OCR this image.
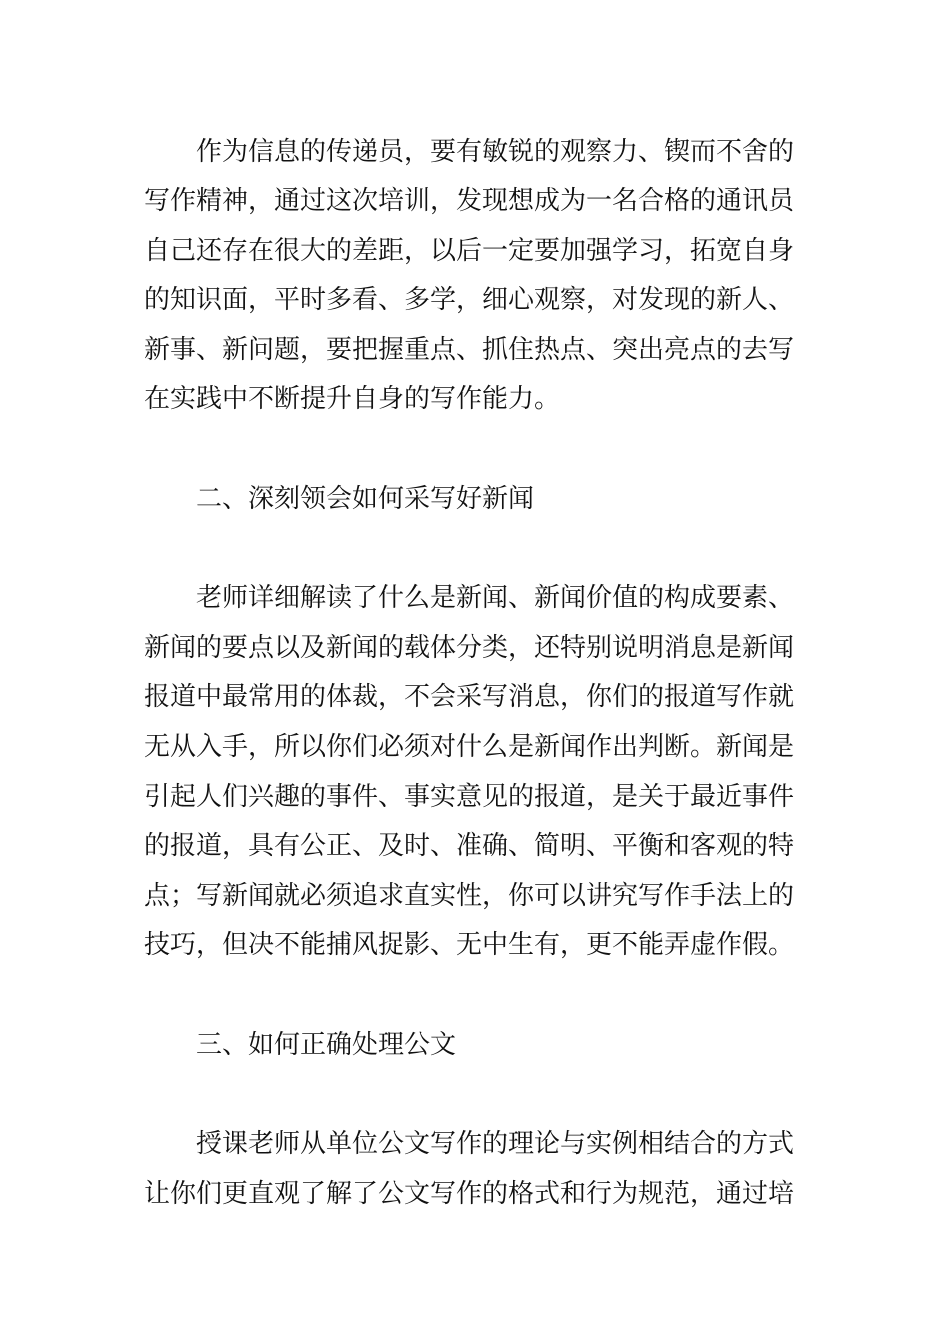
作为信息的传递员，要有敏锐的观察力、锲而不舍的
写作精神，通过这次培训，发现想成为一名合格的通讯员
自己还存在很大的差距，以后一定要加强学习，拓宽自身
的知识面，平时多看、多学，细心观察，对发现的新人、
新事、新问题，要把握重点、抓住热点、突出亮点的去写
在实践中不断提升自身的写作能力。
二、深刻领会如何采写好新闻
老师详细解读了什么是新闻、新闻价值的构成要素、
新闻的要点以及新闻的载体分类，还特别说明消息是新闻
报道中最常用的体裁，不会采写消息，你们的报道写作就
无从入手，所以你们必须对什么是新闻作出判断。新闻是
引起人们兴趣的事件、事实意见的报道，是关于最近事件
的报道，具有公正、及时、准确、简明、平衡和客观的特
点；写新闻就必须追求直实性，你可以讲究写作手法上的
技巧，但决不能捕风捉影、无中生有，更不能弄虚作假。
三、如何正确处理公文
授课老师从单位公文写作的理论与实例相结合的方式
让你们更直观了解了公文写作的格式和行为规范，通过培
